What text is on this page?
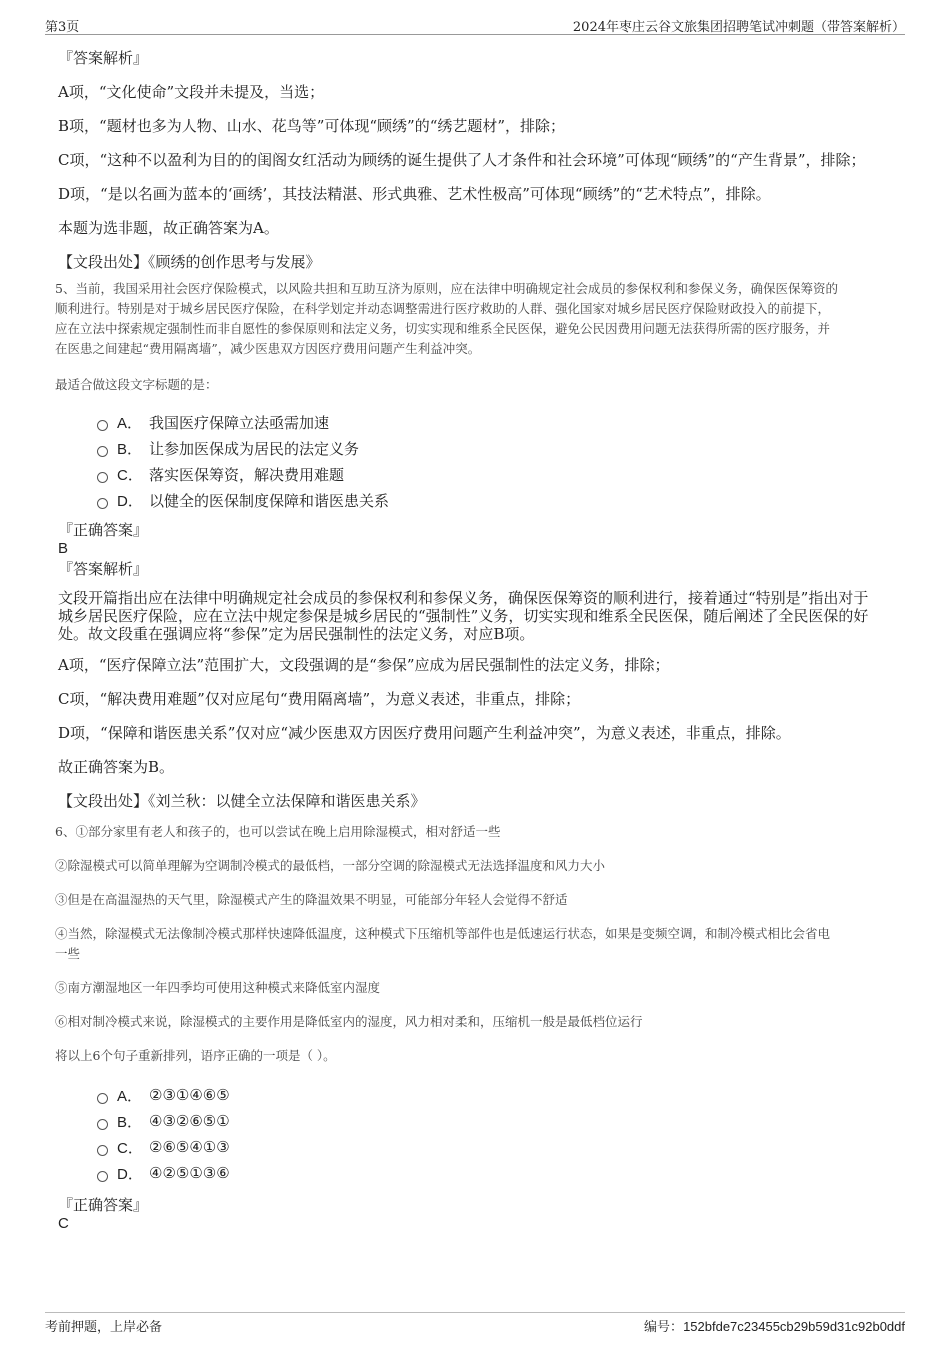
第3页	2024年枣庄云谷文旅集团招聘笔试冲刺题（带答案解析）
『答案解析』

A项，“文化使命”文段并未提及，当选；

B项，“题材也多为人物、山水、花鸟等”可体现“顾绣”的“绣艺题材”，排除；

C项，“这种不以盈利为目的的闺阁女红活动为顾绣的诞生提供了人才条件和社会环境”可体现“顾绣”的“产生背景”，排除；

D项，“是以名画为蓝本的‘画绣’，其技法精湛、形式典雅、艺术性极高”可体现“顾绣”的“艺术特点”，排除。

本题为选非题，故正确答案为A。

【文段出处】《顾绣的创作思考与发展》

5、当前，我国采用社会医疗保险模式，以风险共担和互助互济为原则，应在法律中明确规定社会成员的参保权利和参保义务，确保医保筹资的

顺利进行。特别是对于城乡居民医疗保险，在科学划定并动态调整需进行医疗救助的人群、强化国家对城乡居民医疗保险财政投入的前提下，

应在立法中探索规定强制性而非自愿性的参保原则和法定义务，切实实现和维系全民医保，避免公民因费用问题无法获得所需的医疗服务，并

在医患之间建起“费用隔离墙”，减少医患双方因医疗费用问题产生利益冲突。

最适合做这段文字标题的是：

A． 我国医疗保障立法亟需加速
B． 让参加医保成为居民的法定义务
C． 落实医保筹资，解决费用难题
D． 以健全的医保制度保障和谐医患关系
『正确答案』
B
『答案解析』

文段开篇指出应在法律中明确规定社会成员的参保权利和参保义务，确保医保筹资的顺利进行，接着通过“特别是”指出对于

城乡居民医疗保险，应在立法中规定参保是城乡居民的“强制性”义务，切实实现和维系全民医保，随后阐述了全民医保的好

处。故文段重在强调应将“参保”定为居民强制性的法定义务，对应B项。

A项，“医疗保障立法”范围扩大，文段强调的是“参保”应成为居民强制性的法定义务，排除；

C项，“解决费用难题”仅对应尾句“费用隔离墙”，为意义表述，非重点，排除；

D项，“保障和谐医患关系”仅对应“减少医患双方因医疗费用问题产生利益冲突”，为意义表述，非重点，排除。

故正确答案为B。

【文段出处】《刘兰秋：以健全立法保障和谐医患关系》

6、①部分家里有老人和孩子的，也可以尝试在晚上启用除湿模式，相对舒适一些

②除湿模式可以简单理解为空调制冷模式的最低档，一部分空调的除湿模式无法选择温度和风力大小

③但是在高温湿热的天气里，除湿模式产生的降温效果不明显，可能部分年轻人会觉得不舒适

④当然，除湿模式无法像制冷模式那样快速降低温度，这种模式下压缩机等部件也是低速运行状态，如果是变频空调，和制冷模式相比会省电

一些

⑤南方潮湿地区一年四季均可使用这种模式来降低室内湿度

⑥相对制冷模式来说，除湿模式的主要作用是降低室内的湿度，风力相对柔和，压缩机一般是最低档位运行

将以上6个句子重新排列，语序正确的一项是（ ）。

A． ②③①④⑥⑤
B． ④③②⑥⑤①
C． ②⑥⑤④①③
D． ④②⑤①③⑥
『正确答案』
C
考前押题，上岸必备	编号：152bfde7c23455cb29b59d31c92b0ddf
